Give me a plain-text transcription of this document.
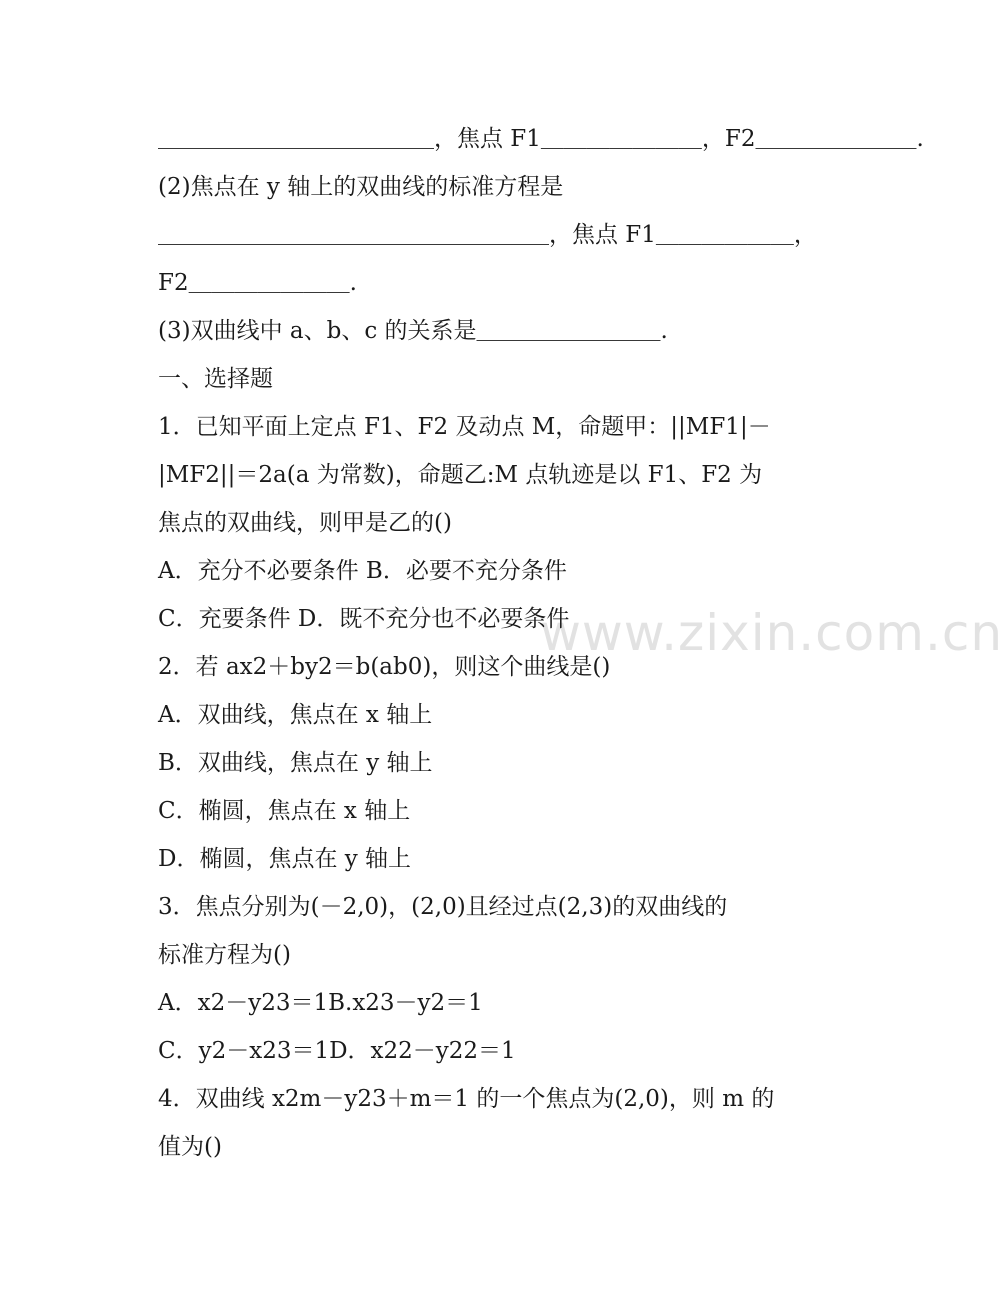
www.zixin.com.cn
＿＿＿＿＿＿＿＿＿＿＿＿，焦点 F1＿＿＿＿＿＿＿，F2＿＿＿＿＿＿＿.
(2)焦点在 y 轴上的双曲线的标准方程是
＿＿＿＿＿＿＿＿＿＿＿＿＿＿＿＿＿，焦点 F1＿＿＿＿＿＿，
F2＿＿＿＿＿＿＿.
(3)双曲线中 a、b、c 的关系是＿＿＿＿＿＿＿＿.
一、选择题
1．已知平面上定点 F1、F2 及动点 M，命题甲：||MF1|－
|MF2||＝2a(a 为常数)，命题乙:M 点轨迹是以 F1、F2 为
焦点的双曲线，则甲是乙的()
A．充分不必要条件 B．必要不充分条件
C．充要条件 D．既不充分也不必要条件
2．若 ax2＋by2＝b(ab0)，则这个曲线是()
A．双曲线，焦点在 x 轴上
B．双曲线，焦点在 y 轴上
C．椭圆，焦点在 x 轴上
D．椭圆，焦点在 y 轴上
3．焦点分别为(－2,0)，(2,0)且经过点(2,3)的双曲线的
标准方程为()
A．x2－y23＝1B.x23－y2＝1
C．y2－x23＝1D．x22－y22＝1
4．双曲线 x2m－y23＋m＝1 的一个焦点为(2,0)，则 m 的
值为()
